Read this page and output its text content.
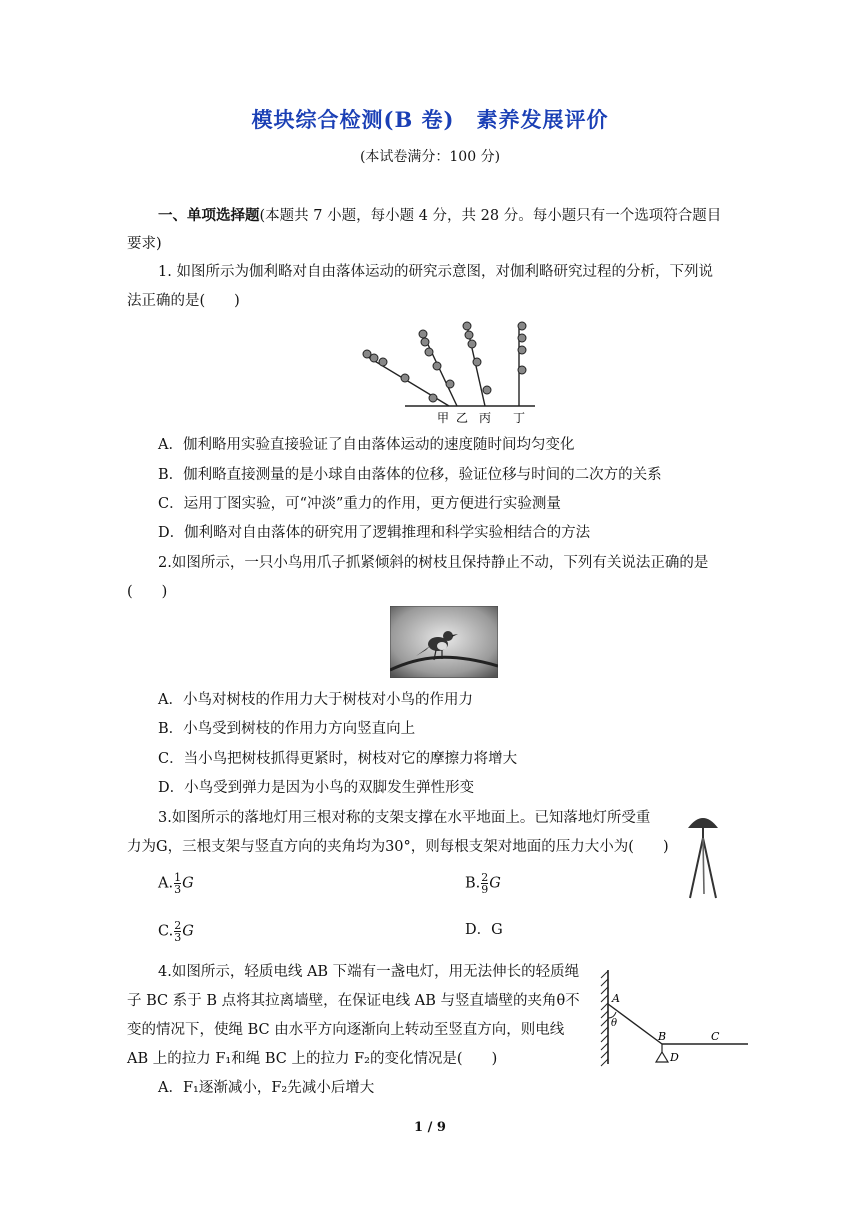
模块综合检测(B 卷)　素养发展评价
(本试卷满分：100 分)
一、单项选择题(本题共 7 小题，每小题 4 分，共 28 分。每小题只有一个选项符合题目
要求)
1. 如图所示为伽利略对自由落体运动的研究示意图，对伽利略研究过程的分析，下列说
法正确的是(　　)
甲 乙 丙 丁
A．伽利略用实验直接验证了自由落体运动的速度随时间均匀变化
B．伽利略直接测量的是小球自由落体的位移，验证位移与时间的二次方的关系
C．运用丁图实验，可“冲淡”重力的作用，更方便进行实验测量
D．伽利略对自由落体的研究用了逻辑推理和科学实验相结合的方法
2.如图所示，一只小鸟用爪子抓紧倾斜的树枝且保持静止不动，下列有关说法正确的是
(　　)
A．小鸟对树枝的作用力大于树枝对小鸟的作用力
B．小鸟受到树枝的作用力方向竖直向上
C．当小鸟把树枝抓得更紧时，树枝对它的摩擦力将增大
D．小鸟受到弹力是因为小鸟的双脚发生弹性形变
3.如图所示的落地灯用三根对称的支架支撑在水平地面上。已知落地灯所受重
力为G，三根支架与竖直方向的夹角均为30°，则每根支架对地面的压力大小为(　　)
A. $\frac{1}{3}$ G	B. $\frac{2}{9}$ G
C. $\frac{2}{3}$ G	D．G
4.如图所示，轻质电线 AB 下端有一盏电灯，用无法伸长的轻质绳
子 BC 系于 B 点将其拉离墙壁，在保证电线 AB 与竖直墙壁的夹角θ不
变的情况下，使绳 BC 由水平方向逐渐向上转动至竖直方向，则电线
AB 上的拉力 F₁和绳 BC 上的拉力 F₂的变化情况是(　　)
A．F₁逐渐减小，F₂先减小后增大
A
θ
B	C
D
1 / 9
